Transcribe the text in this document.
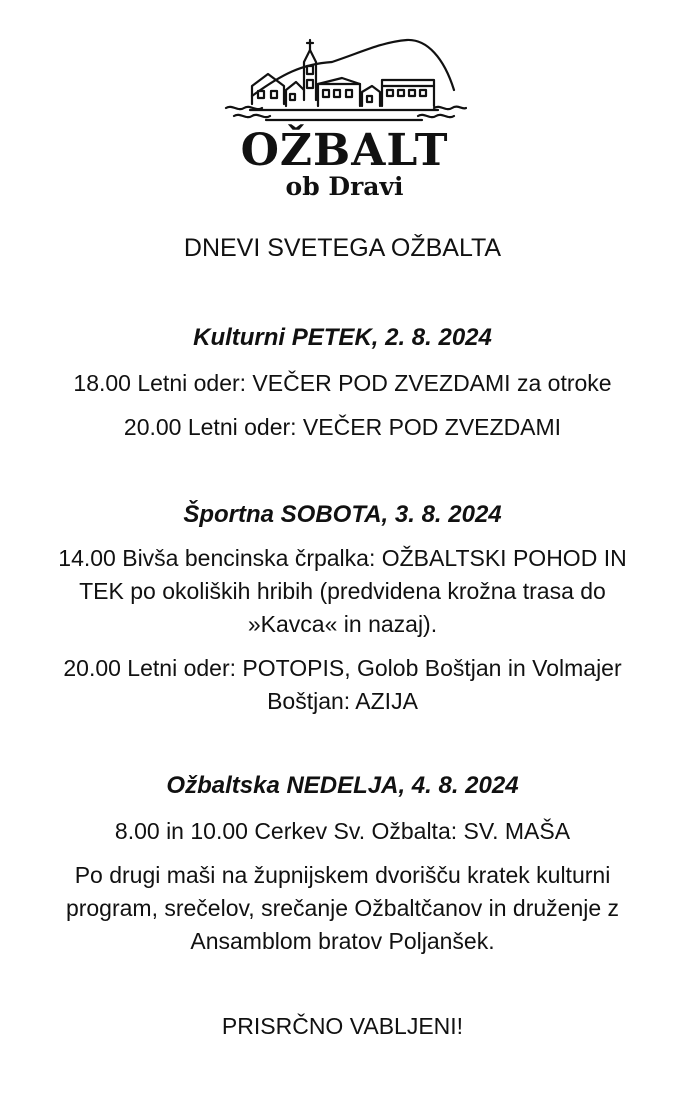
OŽBALT
ob Dravi
DNEVI SVETEGA OŽBALTA
Kulturni PETEK, 2. 8. 2024
18.00 Letni oder: VEČER POD ZVEZDAMI za otroke
20.00 Letni oder: VEČER POD ZVEZDAMI
Športna SOBOTA, 3. 8. 2024
14.00 Bivša bencinska črpalka: OŽBALTSKI POHOD IN
TEK po okoliških hribih (predvidena krožna trasa do
»Kavca« in nazaj).
20.00 Letni oder: POTOPIS, Golob Boštjan in Volmajer
Boštjan: AZIJA
Ožbaltska NEDELJA, 4. 8. 2024
8.00 in 10.00 Cerkev Sv. Ožbalta: SV. MAŠA
Po drugi maši na župnijskem dvorišču kratek kulturni
program, srečelov, srečanje Ožbaltčanov in druženje z
Ansamblom bratov Poljanšek.
PRISRČNO VABLJENI!
